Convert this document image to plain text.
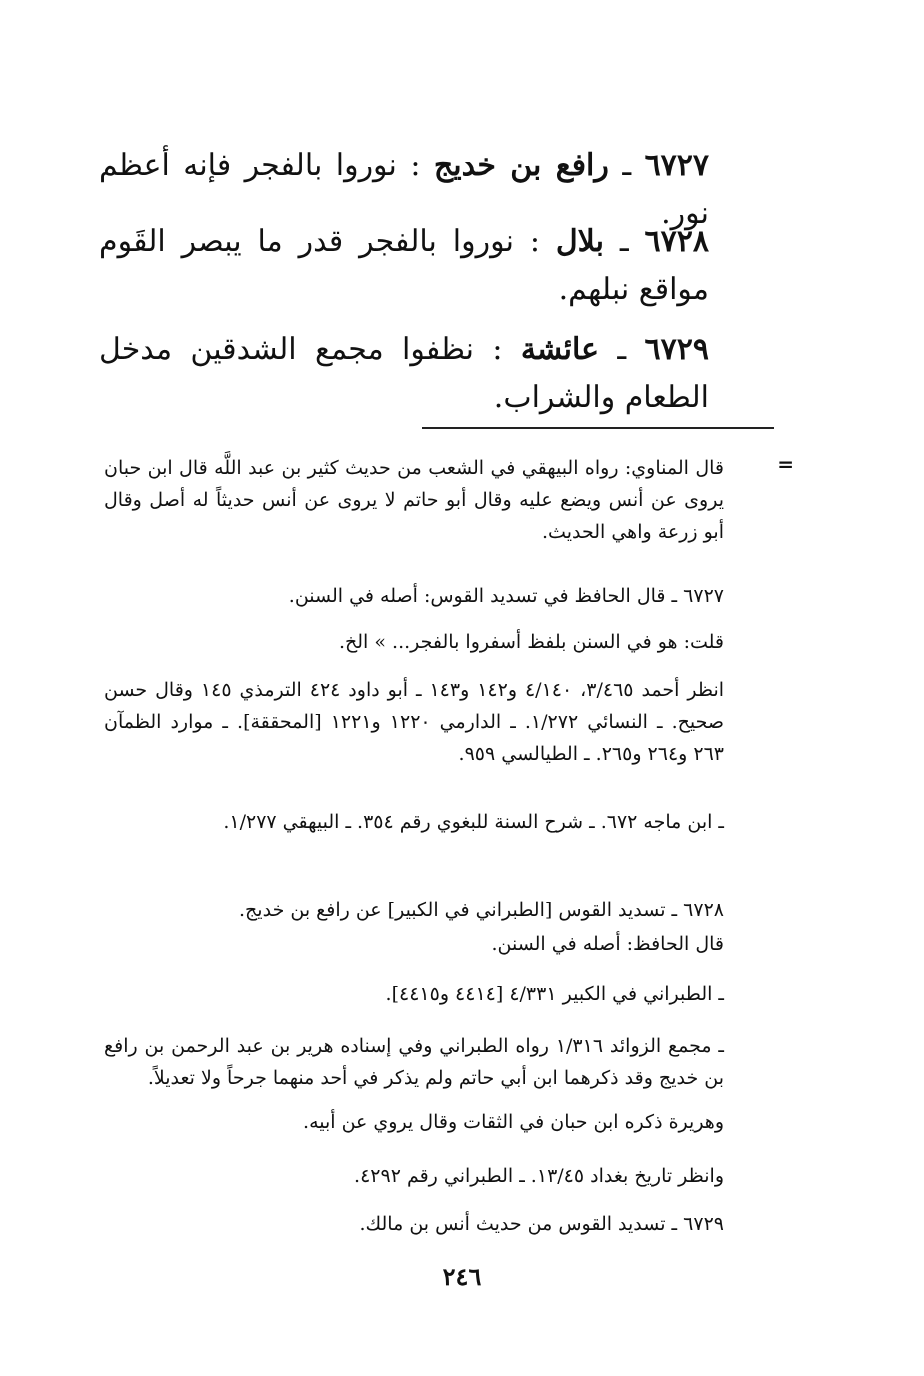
٦٧٢٧ ـ رافع بن خديج : نوروا بالفجر فإنه أعظم نور.
٦٧٢٨ ـ بلال : نوروا بالفجر قدر ما يبصر القَوم مواقع نبلهم.
٦٧٢٩ ـ عائشة : نظفوا مجمع الشدقين مدخل الطعام والشراب.
=
قال المناوي: رواه البيهقي في الشعب من حديث كثير بن عبد اللَّه قال ابن حبان يروى عن أنس ويضع عليه وقال أبو حاتم لا يروى عن أنس حديثاً له أصل وقال أبو زرعة واهي الحديث.
٦٧٢٧ ـ قال الحافظ في تسديد القوس: أصله في السنن.
قلت: هو في السنن بلفظ أسفروا بالفجر... » الخ.
انظر أحمد ٣/٤٦٥، ٤/١٤٠ و١٤٢ و١٤٣ ـ أبو داود ٤٢٤ الترمذي ١٤٥ وقال حسن صحيح. ـ النسائي ١/٢٧٢. ـ الدارمي ١٢٢٠ و١٢٢١ [المحققة]. ـ موارد الظمآن ٢٦٣ و٢٦٤ و٢٦٥. ـ الطيالسي ٩٥٩.
ـ ابن ماجه ٦٧٢. ـ شرح السنة للبغوي رقم ٣٥٤. ـ البيهقي ١/٢٧٧.
٦٧٢٨ ـ تسديد القوس [الطبراني في الكبير] عن رافع بن خديج.
قال الحافظ: أصله في السنن.
ـ الطبراني في الكبير ٤/٣٣١ [٤٤١٤ و٤٤١٥].
ـ مجمع الزوائد ١/٣١٦ رواه الطبراني وفي إسناده هرير بن عبد الرحمن بن رافع بن خديج وقد ذكرهما ابن أبي حاتم ولم يذكر في أحد منهما جرحاً ولا تعديلاً.
وهريرة ذكره ابن حبان في الثقات وقال يروي عن أبيه.
وانظر تاريخ بغداد ١٣/٤٥. ـ الطبراني رقم ٤٢٩٢.
٦٧٢٩ ـ تسديد القوس من حديث أنس بن مالك.
٢٤٦
